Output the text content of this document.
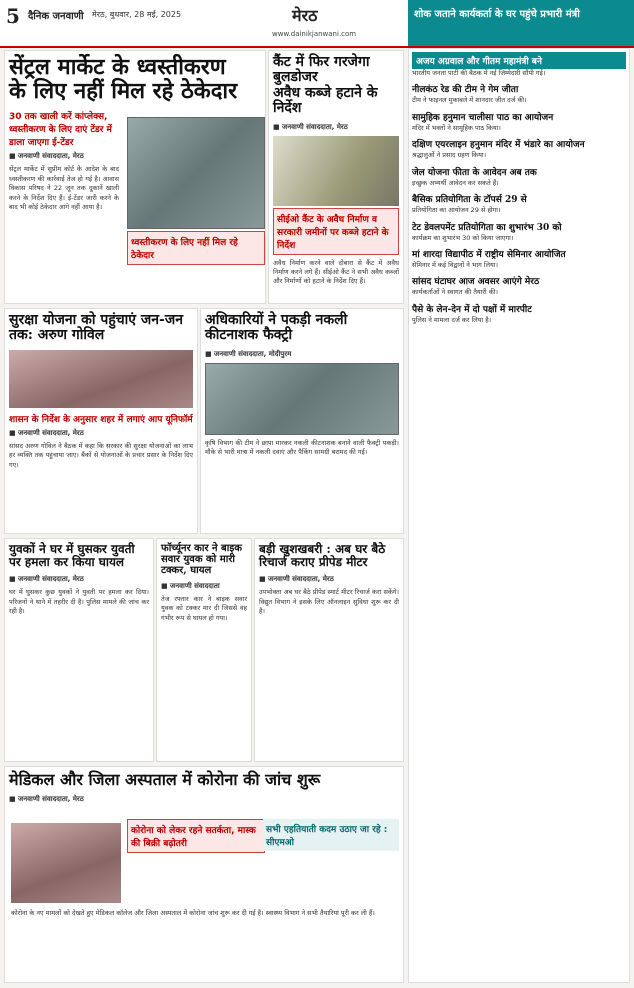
5 दैनिक जनवाणी मेरठ, बुधवार, 28 मई, 2025	मेरठ
www.dainikjanwani.com
शोक जताने कार्यकर्ता के घर पहुंचे प्रभारी मंत्री
सेंट्रल मार्केट के ध्वस्तीकरण
के लिए नहीं मिल रहे ठेकेदार
30 तक खाली करें कांप्लेक्स, ध्वस्तीकरण के लिए दाएं टेंडर में डाला जाएगा ई-टेंडर
■ जनवाणी संवाददाता, मेरठ
सेंट्रल मार्केट में सुप्रीम कोर्ट के आदेश के बाद ध्वस्तीकरण की कार्रवाई तेज हो गई है। आवास विकास परिषद ने 22 जून तक दुकानें खाली करने के निर्देश दिए हैं। ई-टेंडर जारी करने के बाद भी कोई ठेकेदार आगे नहीं आया है।
ध्वस्तीकरण के लिए नहीं मिल रहे ठेकेदार
कैंट में फिर गरजेगा बुलडोजर
अवैध कब्जे हटाने के निर्देश
■ जनवाणी संवाददाता, मेरठ
सीईओ कैंट के अवैध निर्माण व सरकारी जमीनों पर कब्जे हटाने के निर्देश
अवैध निर्माण करने वाले दोबारा से कैंट में अवैध निर्माण करने लगे हैं। सीईओ कैंट ने सभी अवैध कब्जों और निर्माणों को हटाने के निर्देश दिए हैं।
अजय अग्रवाल और गीतम महामंत्री बने
भारतीय जनता पार्टी की बैठक में नई जिम्मेदारी सौंपी गई।
नीलकंठ रेड की टीम ने गेम जीता
टीम ने फाइनल मुकाबले में शानदार जीत दर्ज की।
सामुहिक हनुमान चालीसा पाठ का आयोजन
मंदिर में भक्तों ने सामूहिक पाठ किया।
दक्षिण एयरलाइन हनुमान मंदिर में भंडारे का आयोजन
श्रद्धालुओं ने प्रसाद ग्रहण किया।
जेल योजना फीता के आवेदन अब तक
इच्छुक अभ्यर्थी आवेदन कर सकते हैं।
बैसिक प्रतियोगिता के टॉपर्स 29 से
प्रतियोगिता का आयोजन 29 से होगा।
टेट डेवलपमेंट प्रतियोगिता का शुभारंभ 30 को
कार्यक्रम का शुभारंभ 30 को किया जाएगा।
मां शारदा विद्यापीठ में राष्ट्रीय सेमिनार आयोजित
सेमिनार में कई विद्वानों ने भाग लिया।
सांसद घंटाघर आज अवसर आएंगे मेरठ
कार्यकर्ताओं ने स्वागत की तैयारी की।
पैसे के लेन-देन में दो पक्षों में मारपीट
पुलिस ने मामला दर्ज कर लिया है।
सुरक्षा योजना को पहुंचाएं जन-जन तक: अरुण गोविल
शासन के निर्देश के अनुसार शहर में लगाएं आप यूनिफॉर्म
■ जनवाणी संवाददाता, मेरठ
सांसद अरुण गोविल ने बैठक में कहा कि सरकार की सुरक्षा योजनाओं का लाभ हर व्यक्ति तक पहुंचाया जाए। बैंकों से योजनाओं के प्रचार प्रसार के निर्देश दिए गए।
अधिकारियों ने पकड़ी नकली कीटनाशक फैक्ट्री
■ जनवाणी संवाददाता, मोदीपुरम
कृषि विभाग की टीम ने छापा मारकर नकली कीटनाशक बनाने वाली फैक्ट्री पकड़ी। मौके से भारी मात्रा में नकली दवाएं और पैकिंग सामग्री बरामद की गई।
युवकों ने घर में घुसकर युवती पर हमला कर किया घायल
■ जनवाणी संवाददाता, मेरठ
घर में घुसकर कुछ युवकों ने युवती पर हमला कर दिया। परिजनों ने थाने में तहरीर दी है। पुलिस मामले की जांच कर रही है।
फॉर्च्यूनर कार ने बाइक सवार युवक को मारी टक्कर, घायल
■ जनवाणी संवाददाता
तेज रफ्तार कार ने बाइक सवार युवक को टक्कर मार दी जिससे वह गंभीर रूप से घायल हो गया।
बड़ी खुशखबरी : अब घर बैठे रिचार्ज कराए प्रीपेड मीटर
■ जनवाणी संवाददाता, मेरठ
उपभोक्ता अब घर बैठे प्रीपेड स्मार्ट मीटर रिचार्ज करा सकेंगे। विद्युत विभाग ने इसके लिए ऑनलाइन सुविधा शुरू कर दी है।
मेडिकल और जिला अस्पताल में कोरोना की जांच शुरू
■ जनवाणी संवाददाता, मेरठ
कोरोना को लेकर रहने सतर्कता, मास्क की बिक्री बढ़ोतरी
सभी एहतियाती कदम उठाए जा रहे : सीएमओ
कोरोना के नए मामलों को देखते हुए मेडिकल कॉलेज और जिला अस्पताल में कोरोना जांच शुरू कर दी गई है। स्वास्थ्य विभाग ने सभी तैयारियां पूरी कर ली हैं।
